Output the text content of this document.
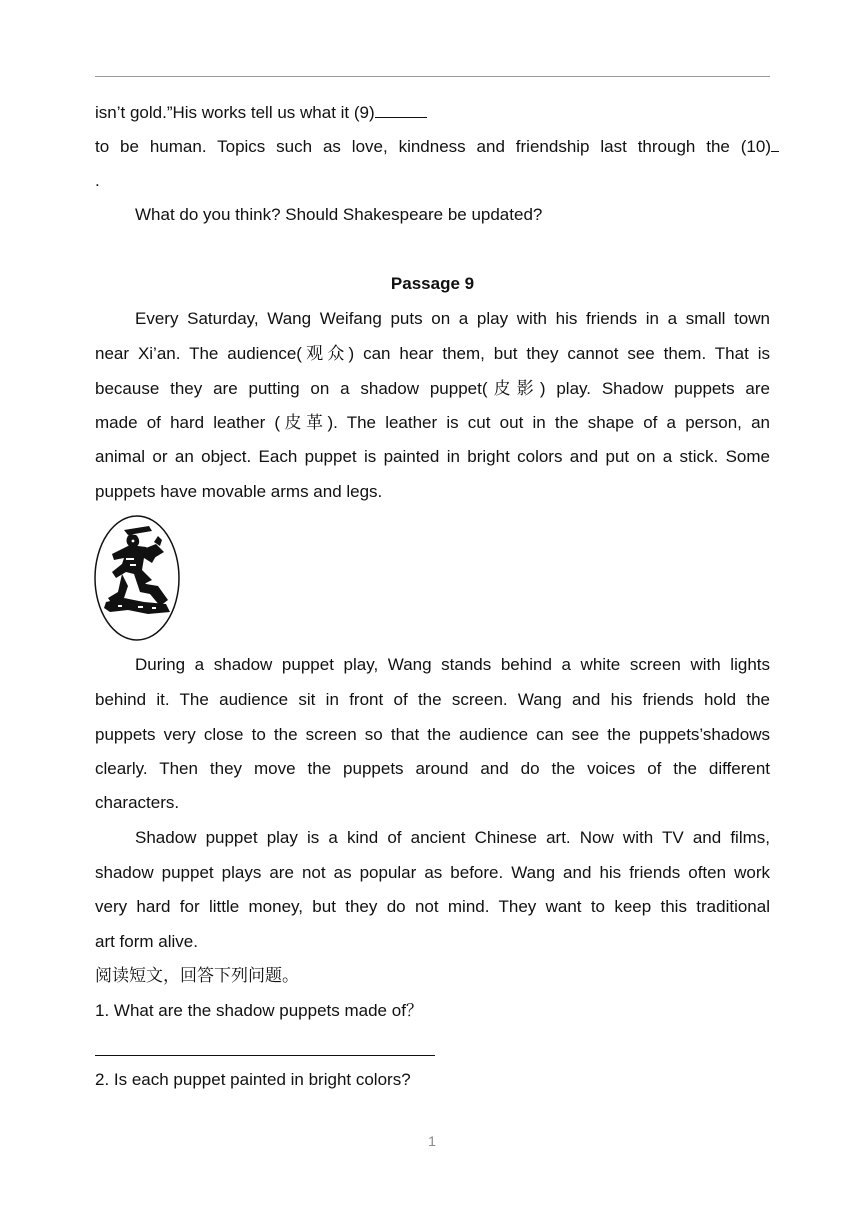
isn’t gold.”His works tell us what it (9)
to be human. Topics such as love, kindness and friendship last through the (10)
.
What do you think? Should Shakespeare be updated?
Passage 9
Every Saturday, Wang Weifang puts on a play with his friends in a small town
near Xi’an. The audience(观众) can hear them, but they cannot see them. That is
because they are putting on a shadow puppet(皮影) play. Shadow puppets are
made of hard leather (皮革). The leather is cut out in the shape of a person, an
animal or an object. Each puppet is painted in bright colors and put on a stick. Some
puppets have movable arms and legs.
During a shadow puppet play, Wang stands behind a white screen with lights
behind it. The audience sit in front of the screen. Wang and his friends hold the
puppets very close to the screen so that the audience can see the puppets’shadows
clearly. Then they move the puppets around and do the voices of the different
characters.
Shadow puppet play is a kind of ancient Chinese art. Now with TV and films,
shadow puppet plays are not as popular as before. Wang and his friends often work
very hard for little money, but they do not mind. They want to keep this traditional
art form alive.
阅读短文，回答下列问题。
1. What are the shadow puppets made of？
2. Is each puppet painted in bright colors?
1
